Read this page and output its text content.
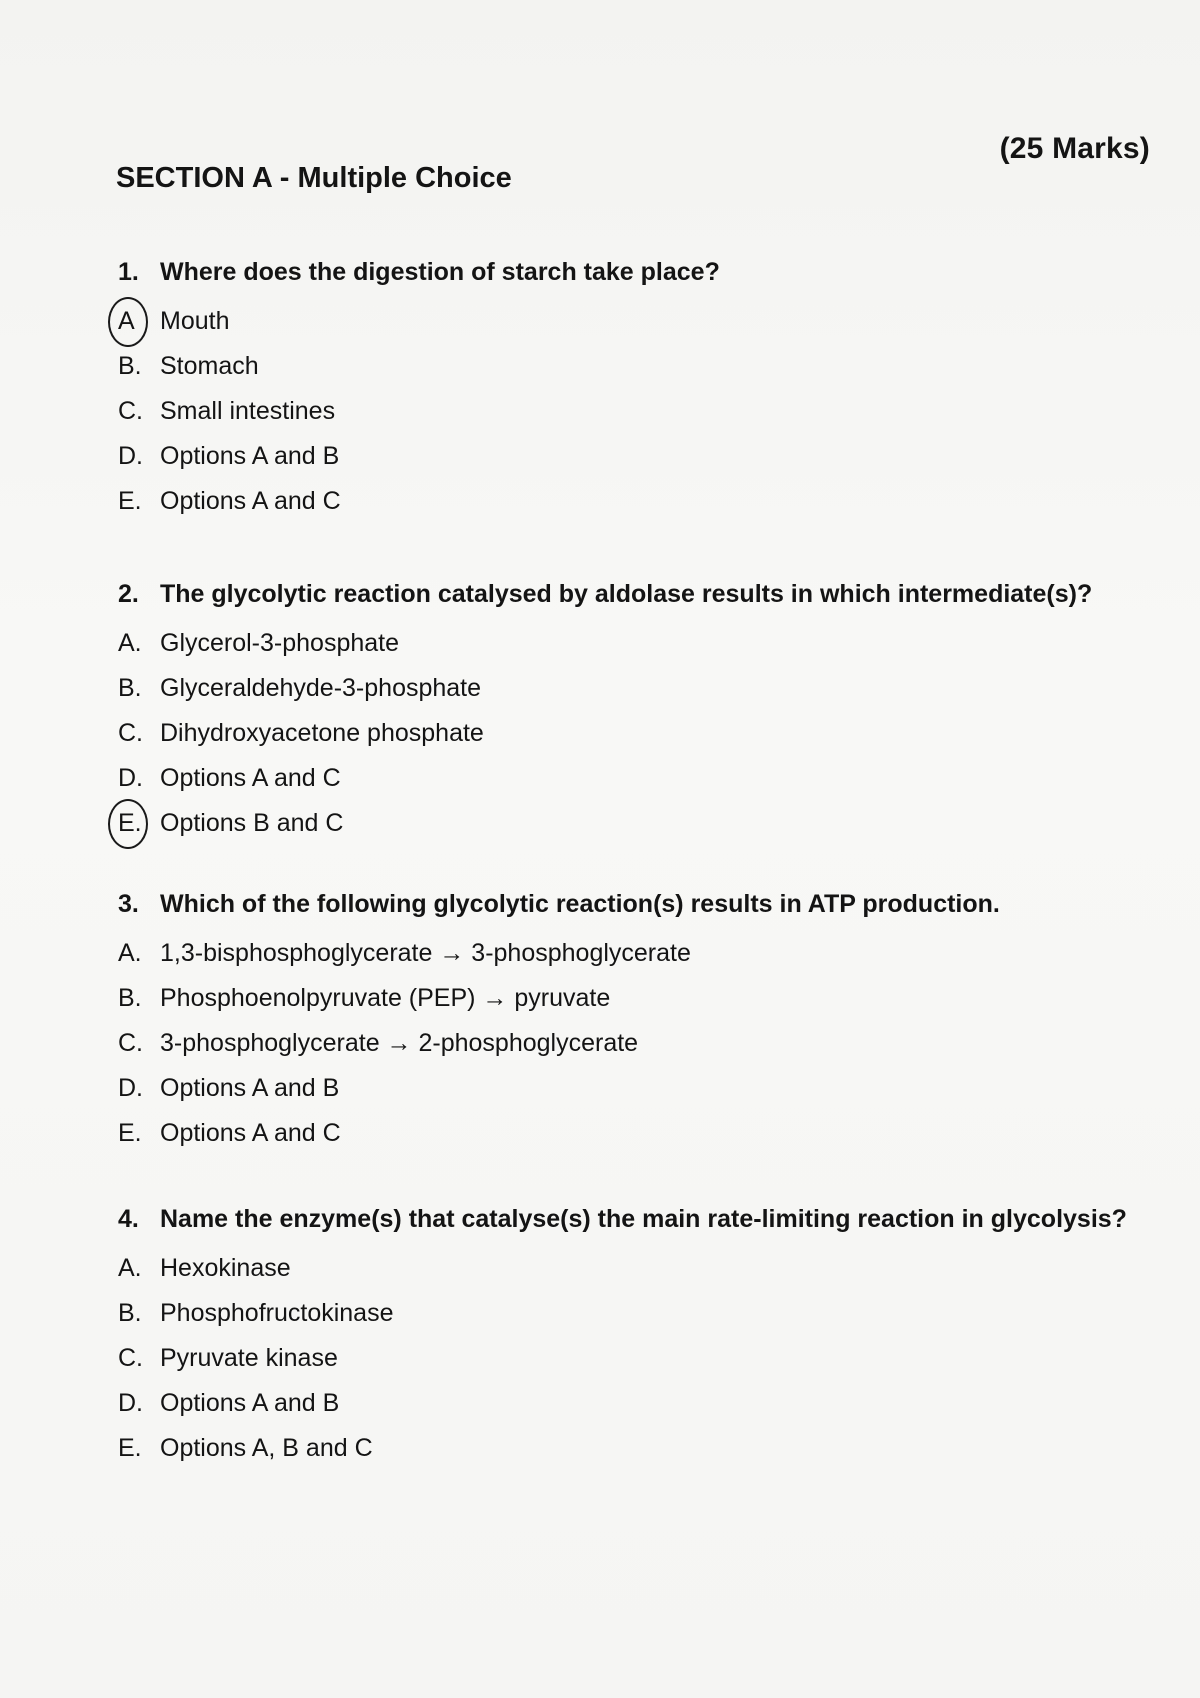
(25 Marks)
SECTION A - Multiple Choice
1. Where does the digestion of starch take place?
A	Mouth
B. Stomach
C. Small intestines
D. Options A and B
E. Options A and C
2. The glycolytic reaction catalysed by aldolase results in which intermediate(s)?
A. Glycerol-3-phosphate
B. Glyceraldehyde-3-phosphate
C. Dihydroxyacetone phosphate
D. Options A and C
E. Options B and C
3. Which of the following glycolytic reaction(s) results in ATP production.
A. 1,3-bisphosphoglycerate → 3-phosphoglycerate
B. Phosphoenolpyruvate (PEP) → pyruvate
C. 3-phosphoglycerate → 2-phosphoglycerate
D. Options A and B
E. Options A and C
4. Name the enzyme(s) that catalyse(s) the main rate-limiting reaction in glycolysis?
A. Hexokinase
B. Phosphofructokinase
C. Pyruvate kinase
D. Options A and B
E. Options A, B and C
